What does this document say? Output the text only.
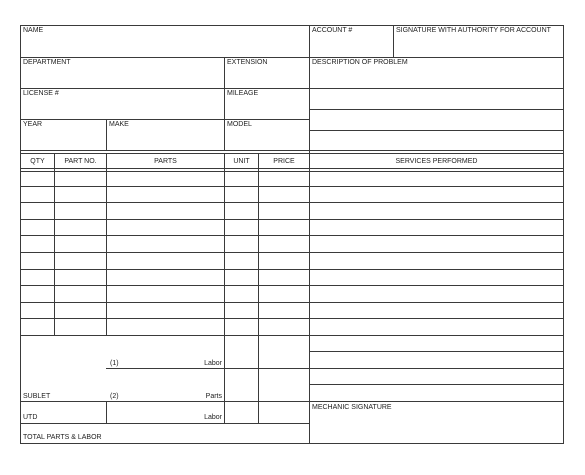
NAME	ACCOUNT #	SIGNATURE WITH AUTHORITY FOR ACCOUNT
DEPARTMENT	EXTENSION	DESCRIPTION OF PROBLEM
LICENSE #	MILEAGE
YEAR	MAKE	MODEL
QTY	PART NO.	PARTS	UNIT	PRICE	SERVICES PERFORMED
(1)	Labor
SUBLET	(2)	Parts
MECHANIC SIGNATURE
UTD	Labor
TOTAL PARTS & LABOR
